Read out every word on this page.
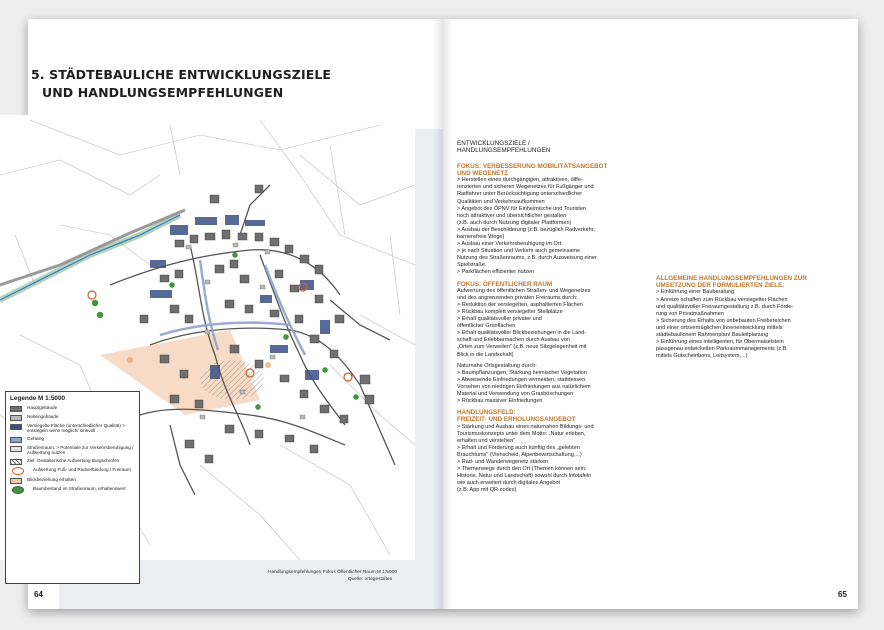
5. STÄDTEBAULICHE ENTWICKLUNGSZIELE
UND HANDLUNGSEMPFEHLUNGEN
Legende M 1:5000
Hauptgebäude
Nebengebäude
Versiegelte Fläche (unterschiedlicher Qualität) > entsiegeln wenn möglich/ sinnvoll
Gehweg
Straßenraum, > Potentiale zur Verkehrsberuhigung / Aufwertung nutzen
Ziel: Gestalterische Aufwertung Burgschrofen
Aufwertung Fuß- und Radverbindung / Freiraum
Blickbeziehung erhalten
Baumbestand im Straßenraum, erhaltenswert
Handlungsempfehlungen Fokus Öffentlicher Raum M 1:5000
Quelle: ortegestalten
64	65
ENTWICKLUNGSZIELE /
HANDLUNGSEMPFEHLUNGEN
FOKUS: VERBESSERUNG MOBILITÄTSANGEBOT
UND WEGENETZ
> Herstellen eines durchgängigen, attraktiven, diffe-
renzierten und sicheren Wegenetzes für Fußgänger und
Radfahrer unter Berücksichtigung unterschiedlicher
Qualitäten und Verkehrsaufkommen
> Angebot des ÖPNV für Einheimische und Touristen
noch attraktiver und übersichtlicher gestalten
(z.B. auch durch Nutzung digitaler Plattformen)
> Ausbau der Beschilderung (z.B. bezüglich Radverkehr,
barrierefreie Wege)
> Ausbau einer Verkehrsberuhigung im Ort
> je nach Situation und Verkehr auch gemeinsame
Nutzung des Straßenraums, z.B. durch Ausweisung einer
Spielstraße.
> Parkflächen effizienter nutzen
FOKUS: ÖFFENTLICHER RAUM
Aufwertung des öffentlichen Straßen- und Wegenetzes
und des angrenzenden privaten Freiraums durch:
> Reduktion der versiegelten, asphaltierten Flächen
> Rückbau komplett versiegelter Stellplätze
> Erhalt qualitätsvoller privater und
öffentlicher Grünflächen
> Erhalt qualitätsvoller Blickbeziehungen in die Land-
schaft und Erlebbarmachen durch Ausbau von
„Orten zum Verweilen" (z.B. neue Sitzgelegenheit mit
Blick in die Landschaft)
Naturnahe Ortsgestaltung durch:
> Baumpflanzungen, Stärkung heimischer Vegetation
> Abweisende Einfriedungen vermeiden, stattdessen
Vorsehen von niedrigen Einfriedungen aus natürlichem
Material und Verwendung von Grasböschungen
> Rückbau massiver Einfriedungen
HANDLUNGSFELD:
FREIZEIT- UND ERHOLUNGSANGEBOT
> Stärkung und Ausbau eines naturnahen Bildungs- und
Tourismuskonzepts unter dem Motto: „Natur erleben,
erhalten und verstehen"
> Erhalt und Förderung auch künftig des „gelebten
Brauchtums" (Viehscheid, Alpenbewirtschaftung,...)
> Rad- und Wanderwegenetz stärken
> Themenwege durch den Ort (Themen können sein:
Historie, Natur und Landschaft) sowohl durch Infotafeln
wie auch erweitert durch digitales Angebot
(z.B. App mit QR-codes)
ALLGEMEINE HANDLUNGSEMPFEHLUNGEN ZUR
UMSETZUNG DER FORMULIERTEN ZIELE:
> Einführung einer Bauberatung
> Anreize schaffen zum Rückbau versiegelter Flächen
und qualitätsvoller Freiraumgestaltung z.B. durch Förde-
rung von Privatmaßnahmen
> Sicherung des Erhalts von unbebauten Freibereichen
und einer ortsverträglichen Innenentwicklung mittels
städtebaulichem Rahmenplan/ Bauleitplanung
> Einführung eines intelligenten, für Obermaiselstein
passgenau entwickelten Parkraummanagements (z.B.
mittels Gutscheinbons, Leitsystem,...)
